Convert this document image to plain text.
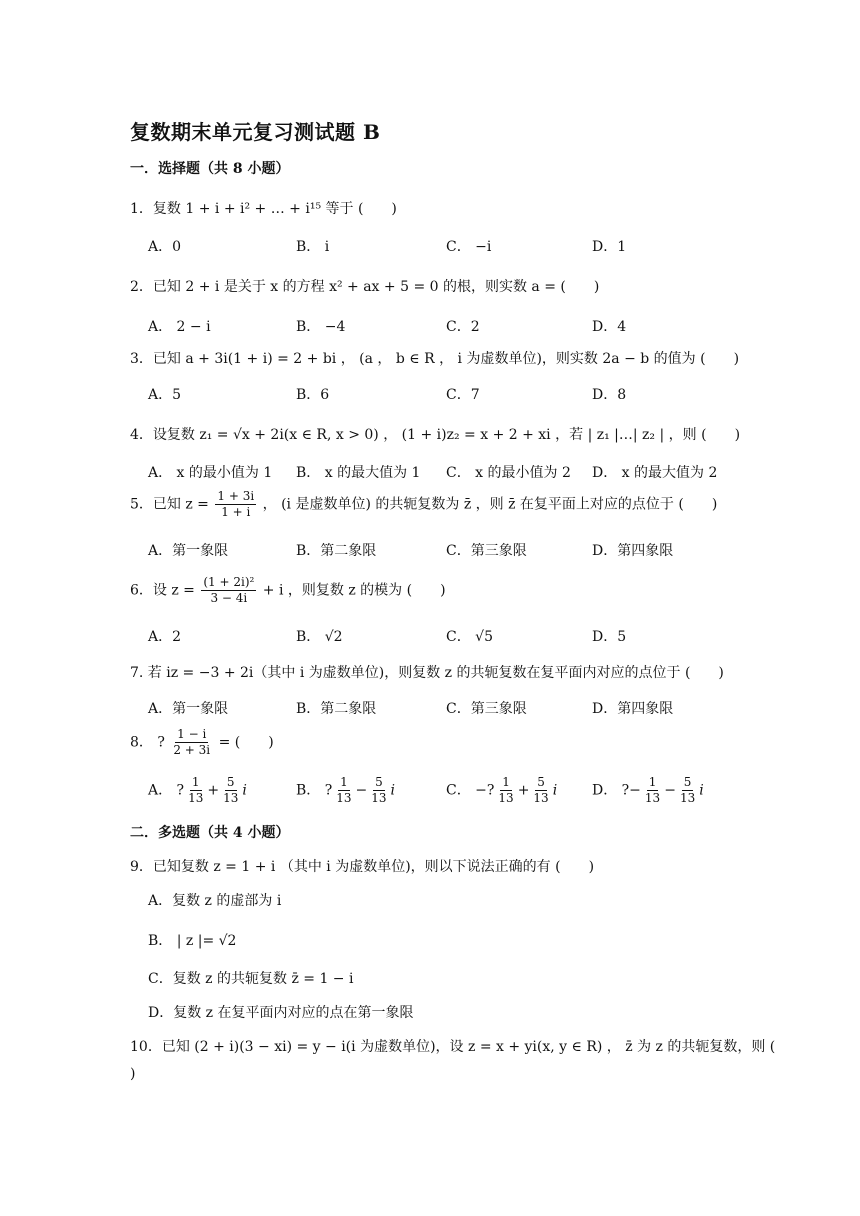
复数期末单元复习测试题 B
一．选择题（共 8 小题）
1．复数 1 + i + i² + … + i¹⁵ 等于 (　　)
A．0	B． i	C． −i	D．1
2．已知 2 + i 是关于 x 的方程 x² + ax + 5 = 0 的根，则实数 a = (　　)
A． 2 − i	B． −4	C．2	D．4
3．已知 a + 3i(1 + i) = 2 + bi ， (a ， b ∈ R ， i 为虚数单位)，则实数 2a − b 的值为 (　　)
A．5	B．6	C．7	D．8
4．设复数 z₁ = √x + 2i(x ∈ R, x > 0) ， (1 + i)z₂ = x + 2 + xi ，若 | z₁ |…| z₂ | ，则 (　　)
A． x 的最小值为 1 B． x 的最大值为 1 C． x 的最小值为 2 D． x 的最大值为 2
5．已知 $z = \frac{1 + 3i}{1 + i}$ ， (i 是虚数单位) 的共轭复数为 z̄ ，则 z̄ 在复平面上对应的点位于 (　　)
A．第一象限	B．第二象限	C．第三象限	D．第四象限
6．设 $z = \frac{\text{(1 + 2i)²}}{3 - 4i} + i$ ，则复数 z 的模为 (　　)
A．2	B． √2	C． √5	D．5
7. 若 iz = −3 + 2i（其中 i 为虚数单位)，则复数 z 的共轭复数在复平面内对应的点位于 (　　)
A．第一象限	B．第二象限	C．第三象限	D．第四象限
8． ? $\frac{1 - i}{2 + 3i}$ = (　　)
A． ? $\frac{1}{13} + \frac{5}{13}$ i	B． ? $\frac{1}{13} - \frac{5}{13}$ i	C． −? $\frac{1}{13} + \frac{5}{13}$ i D． ?− $\frac{1}{13} - \frac{5}{13}$ i
二．多选题（共 4 小题）
9．已知复数 z = 1 + i （其中 i 为虚数单位)，则以下说法正确的有 (　　)
A．复数 z 的虚部为 i
B． | z |= √2
C．复数 z 的共轭复数 z̄ = 1 − i
D．复数 z 在复平面内对应的点在第一象限
10．已知 (2 + i)(3 − xi) = y − i(i 为虚数单位)，设 z = x + yi(x, y ∈ R) ， z̄ 为 z 的共轭复数，则 (
)
